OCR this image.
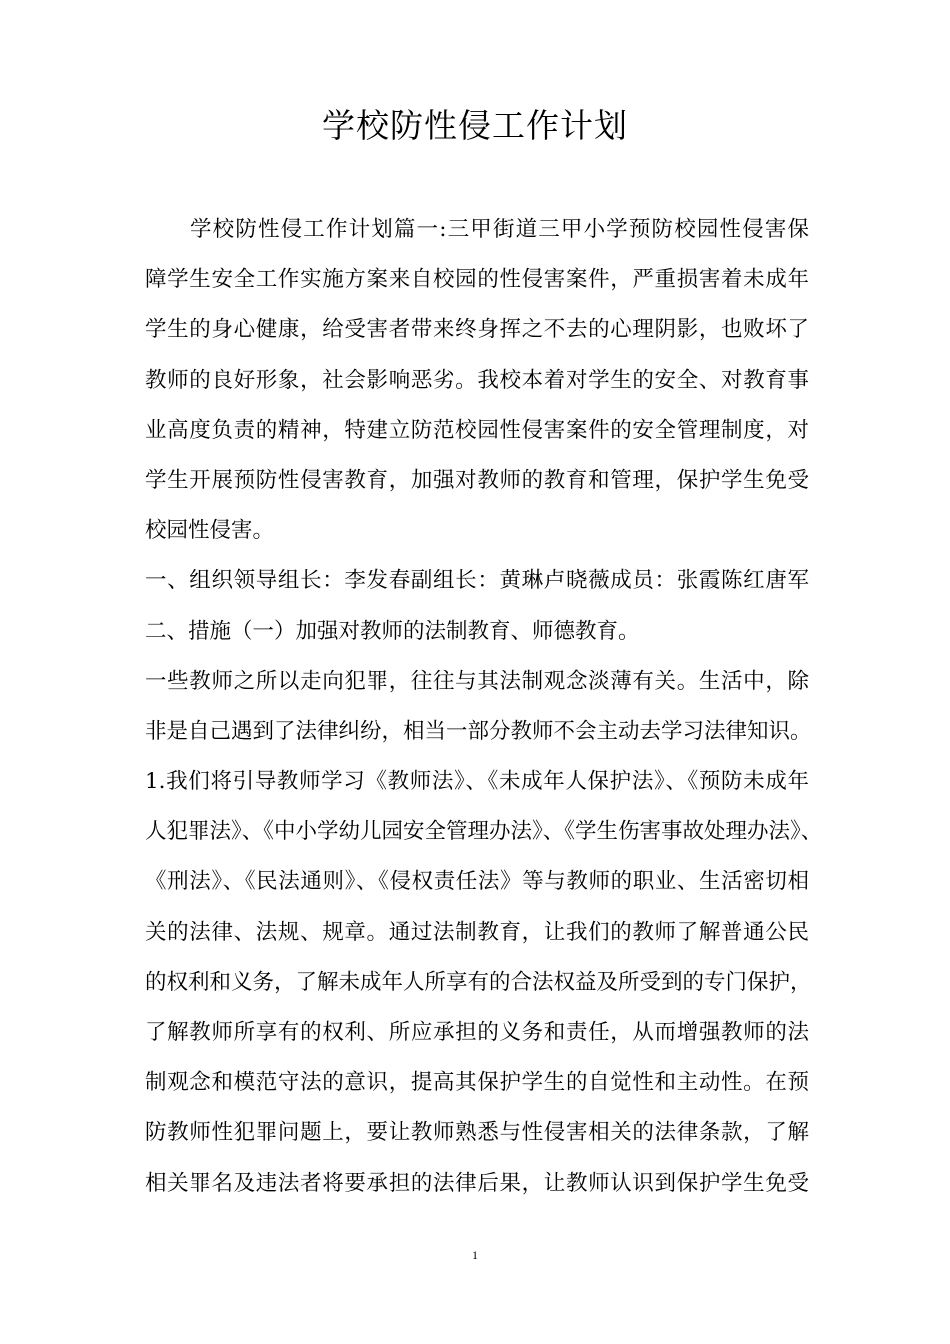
学校防性侵工作计划
学校防性侵工作计划篇一:三甲街道三甲小学预防校园性侵害保
障学生安全工作实施方案来自校园的性侵害案件，严重损害着未成年
学生的身心健康，给受害者带来终身挥之不去的心理阴影，也败坏了
教师的良好形象，社会影响恶劣。我校本着对学生的安全、对教育事
业高度负责的精神，特建立防范校园性侵害案件的安全管理制度，对
学生开展预防性侵害教育，加强对教师的教育和管理，保护学生免受
校园性侵害。
一、组织领导组长：李发春副组长：黄琳卢晓薇成员：张霞陈红唐军
二、措施（一）加强对教师的法制教育、师德教育。
一些教师之所以走向犯罪，往往与其法制观念淡薄有关。生活中，除
非是自己遇到了法律纠纷，相当一部分教师不会主动去学习法律知识。
1.我们将引导教师学习《教师法》、《未成年人保护法》、《预防未成年
人犯罪法》、《中小学幼儿园安全管理办法》、《学生伤害事故处理办法》、
《刑法》、《民法通则》、《侵权责任法》等与教师的职业、生活密切相
关的法律、法规、规章。通过法制教育，让我们的教师了解普通公民
的权利和义务，了解未成年人所享有的合法权益及所受到的专门保护，
了解教师所享有的权利、所应承担的义务和责任，从而增强教师的法
制观念和模范守法的意识，提高其保护学生的自觉性和主动性。在预
防教师性犯罪问题上，要让教师熟悉与性侵害相关的法律条款，了解
相关罪名及违法者将要承担的法律后果，让教师认识到保护学生免受
1
